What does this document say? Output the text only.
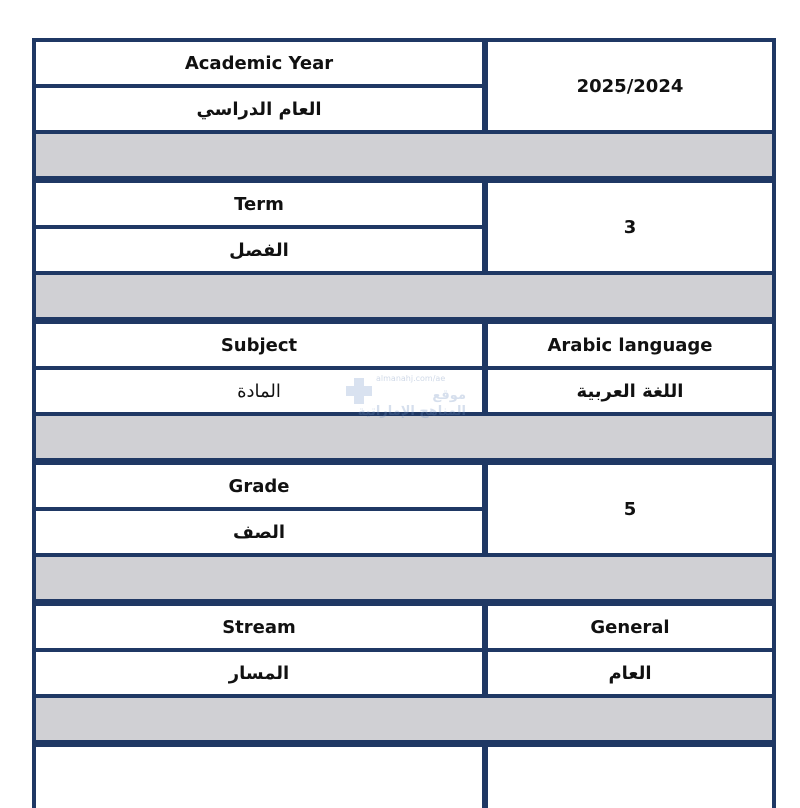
Academic Year
العام الدراسي
2025/2024
Term
الفصل
3
Subject
المادة
Arabic language
اللغة العربية
Grade
الصف
5
Stream
المسار
General
العام
almanahj.com/ae
موقع
المناهج الإماراتية
